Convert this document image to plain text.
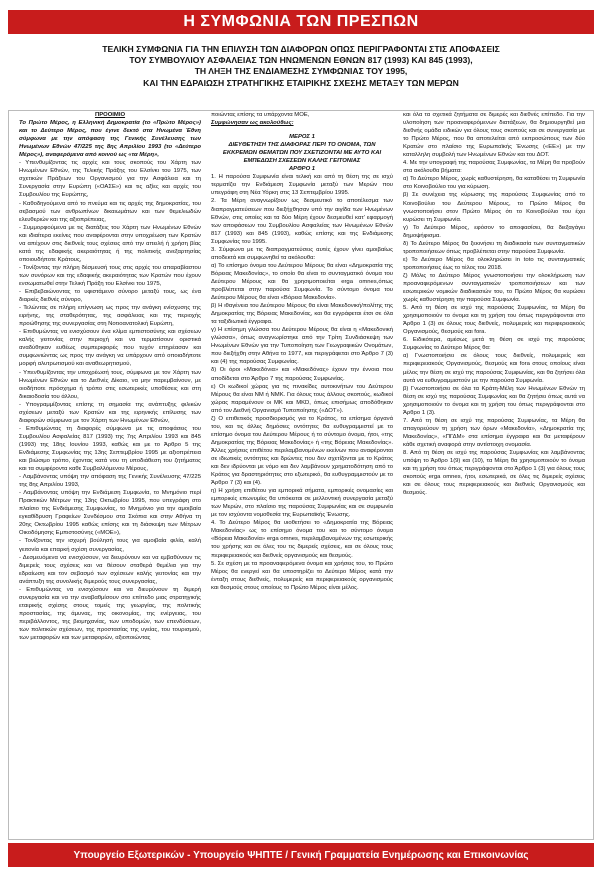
Η ΣΥΜΦΩΝΙΑ ΤΩΝ ΠΡΕΣΠΩΝ
ΤΕΛΙΚΗ ΣΥΜΦΩΝΙΑ ΓΙΑ ΤΗΝ ΕΠΙΛΥΣΗ ΤΩΝ ΔΙΑΦΟΡΩΝ ΟΠΩΣ ΠΕΡΙΓΡΑΦΟΝΤΑΙ ΣΤΙΣ ΑΠΟΦΑΣΕΙΣ
ΤΟΥ ΣΥΜΒΟΥΛΙΟΥ ΑΣΦΑΛΕΙΑΣ ΤΩΝ ΗΝΩΜΕΝΩΝ ΕΘΝΩΝ 817 (1993) ΚΑΙ 845 (1993),
ΤΗ ΛΗΞΗ ΤΗΣ ΕΝΔΙΑΜΕΣΗΣ ΣΥΜΦΩΝΙΑΣ ΤΟΥ 1995,
ΚΑΙ ΤΗΝ ΕΔΡΑΙΩΣΗ ΣΤΡΑΤΗΓΙΚΗΣ ΕΤΑΙΡΙΚΗΣ ΣΧΕΣΗΣ ΜΕΤΑΞΥ ΤΩΝ ΜΕΡΩΝ

ΠΡΟΟΙΜΙΟ

Το Πρώτο Μέρος, η Ελληνική Δημοκρατία (το «Πρώτο Μέρος») και το Δεύτερο Μέρος, που έγινε δεκτό στα Ηνωμένα Έθνη σύμφωνα με την απόφαση της Γενικής Συνέλευσης των Ηνωμένων Εθνών 47/225 της 8ης Απριλίου 1993 (το «Δεύτερο Μέρος»), αναφερόμενα από κοινού ως «τα Μέρη»,

- Υπενθυμίζοντας τις αρχές και τους σκοπούς του Χάρτη των Ηνωμένων Εθνών, της Τελικής Πράξης του Ελσίνκι του 1975, των σχετικών Πράξεων του Οργανισμού για την Ασφάλεια και τη Συνεργασία στην Ευρώπη («ΟΑΣΕ») και τις αξίες και αρχές του Συμβουλίου της Ευρώπης,

- Καθοδηγούμενα από το πνεύμα και τις αρχές της δημοκρατίας, του σεβασμού των ανθρωπίνων δικαιωμάτων και των θεμελιωδών ελευθεριών και της αξιοπρέπειας,

- Συμμορφούμενα με τις διατάξεις του Χάρτη των Ηνωμένων Εθνών και ιδιαίτερα εκείνες που αναφέρονται στην υποχρέωση των Κρατών να απέχουν στις διεθνείς τους σχέσεις από την απειλή ή χρήση βίας κατά της εδαφικής ακεραιότητας ή της πολιτικής ανεξαρτησίας οποιουδήποτε Κράτους,

- Τονίζοντας την πλήρη δέσμευσή τους στις αρχές του απαραβίαστου των συνόρων και της εδαφικής ακεραιότητας των Κρατών που έχουν ενσωματωθεί στην Τελική Πράξη του Ελσίνκι του 1975,

- Επιβεβαιώνοντας το υφιστάμενο σύνορο μεταξύ τους, ως ένα διαρκές διεθνές σύνορο,

- Τελώντας σε πλήρη επίγνωση ως προς την ανάγκη ενίσχυσης της ειρήνης, της σταθερότητας, της ασφάλειας και της περιοχής προώθησης της συνεργασίας στη Νοτιοανατολική Ευρώπη,

- Επιθυμώντας να ενισχύσουν ένα κλίμα εμπιστοσύνης και σχέσεων καλής γειτονίας στην περιοχή και να τερματίσουν οριστικά αναδύθηκαν ευθέως συμπεριφορές που τυχόν επηρέασαν και συμφωνιώντας ως προς την ανάγκη να υπάρχουν από οποιαδήποτε μορφή αλυτρωτισμού και αναθεωρητισμού,

- Υπενθυμίζοντας την υποχρέωσή τους, σύμφωνα με τον Χάρτη των Ηνωμένων Εθνών και το Διεθνές Δίκαιο, να μην παρεμβαίνουν, με οιοδήποτε πρόσχημα ή τρόπο στις εσωτερικές υποθέσεις και στη δικαιοδοσία του άλλου,

- Υπογραμμίζοντας επίσης τη σημασία της ανάπτυξης φιλικών σχέσεων μεταξύ των Κρατών και της ειρηνικής επίλυσης των διαφορών σύμφωνα με τον Χάρτη των Ηνωμένων Εθνών,

- Επιθυμώντας τη διαφορές σύμφωνα με τις αποφάσεις του Συμβουλίου Ασφαλείας 817 (1993) της 7ης Απριλίου 1993 και 845 (1993) της 18ης Ιουνίου 1993, καθώς και με το Άρθρο 5 της Ενδιάμεσης Συμφωνίας της 13ης Σεπτεμβρίου 1995 με αξιοπρέπεια και βιώσιμο τρόπο, έχοντας κατά νου τη υποδιάθεση του ζητήματος και τα συμφέροντα καθε Συμβαλλόμενου Μέρους,

- Λαμβάνοντας υπόψη την απόφαση της Γενικής Συνέλευσης 47/225 της 8ης Απριλίου 1993,

- Λαμβάνοντας υπόψη την Ενδιάμεση Συμφωνία, το Μνημόνιο περί Πρακτικών Μέτρων της 13ης Οκτωβρίου 1995, που υπεγράφη στο πλαίσιο της Ενδιάμεσης Συμφωνίας, το Μνημόνιο για την αμοιβαία εγκαθίδρυση Γραφείων Συνδέσμου στα Σκόπια και στην Αθήνα τη 20ης Οκτωβρίου 1995 καθώς επίσης και τη διάσκεψη των Μέτρων Οικοδόμησης Εμπιστοσύνης («ΜΟΕ»),

- Τονίζοντας την ισχυρή βούλησή τους για αμοιβαία φιλία, καλή γειτονία και επαρκή σχέση συνεργασίας,

- Δεσμευόμενα να ενισχύσουν, να διευρύνουν και να εμβαθύνουν τις διμερείς τους σχέσεις και να θέσουν σταθερά θεμέλια για την εδραίωση και τον σεβασμό των σχέσεων καλής γειτονίας και την ανάπτυξη της συνολικής διμερούς τους συνεργασίας,

- Επιθυμώντας να ενισχύσουν και να διευρύνουν τη διμερή συνεργασία και να την αναβαθμίσουν στο επίπεδο μιας στρατηγικής εταιρικής σχέσης στους τομείς της γεωργίας, της πολιτικής προστασίας, της άμυνας, της οικονομίας, της ενέργειας, του περιβάλλοντος, της βιομηχανίας, των υποδομών, των επενδύσεων, των πολιτικών σχέσεων, της προστασίας της υγείας, του τουρισμού, των μεταφορών και των μεταφορών, αξιοποιώντας

ποιώντας επίσης τα υπάρχοντα ΜΟΕ,

Συμφώνησαν ως ακολούθως:

ΜΕΡΟΣ 1

ΔΙΕΥΘΕΤΗΣΗ ΤΗΣ ΔΙΑΦΟΡΑΣ ΠΕΡΙ ΤΟ ΟΝΟΜΑ, ΤΩΝ ΕΚΚΡΕΜΩΝ ΘΕΜΑΤΩΝ ΠΟΥ ΣΧΕΤΙΖΟΝΤΑΙ ΜΕ ΑΥΤΟ ΚΑΙ ΕΜΠΕΔΩΣΗ ΣΧΕΣΕΩΝ ΚΑΛΗΣ ΓΕΙΤΟΝΙΑΣ

ΑΡΘΡΟ 1

1. Η παρούσα Συμφωνία είναι τελική και από τη θέση της σε ισχύ τερματίζει την Ενδιάμεση Συμφωνία μεταξύ των Μερών που υπεγράφη στη Νέα Υόρκη στις 13 Σεπτεμβρίου 1995.

2. Τα Μέρη αναγνωρίζουν ως δεσμευτικό το αποτέλεσμα των διαπραγματεύσεων που διεξήχθησαν υπό την αιγίδα των Ηνωμένων Εθνών, στις οποίες και τα δύο Μέρη έχουν δεσμευθεί κατ’ εφαρμογή των αποφάσεων του Συμβουλίου Ασφαλείας των Ηνωμένων Εθνών 817 (1993) και 845 (1993), καθώς επίσης και της Ενδιάμεσης Συμφωνίας του 1995.

3. Σύμφωνα με τις διαπραγματεύσεις αυτές έχουν γίνει αμοιβαίως αποδεκτά και συμφωνηθεί τα ακόλουθα:

α) Το επίσημο όνομα του Δεύτερου Μέρους θα είναι «Δημοκρατία της Βόρειας Μακεδονίας», το οποίο θα είναι το συνταγματικό όνομα του Δεύτερου Μέρους και θα χρησιμοποιείται erga omnes,όπως προβλέπεται στην παρούσα Συμφωνία. Το σύντομο όνομα του Δεύτερου Μέρους θα είναι «Βόρεια Μακεδονία».

β) Η ιθαγένεια του Δεύτερου Μέρους θα είναι Μακεδονική/πολίτης της Δημοκρατίας της Βόρειας Μακεδονίας, και θα εγγράφεται έτσι σε όλα τα ταξιδιωτικά έγγραφα.

γ) Η επίσημη γλώσσα του Δεύτερου Μέρους θα είναι η «Μακεδονική γλώσσα», όπως αναγνωρίστηκε από την Τρίτη Συνδιάσκεψη των Ηνωμένων Εθνών για την Τυποποίηση των Γεωγραφικών Ονομάτων, που διεξήχθη στην Αθήνα το 1977, και περιγράφεται στο Άρθρο 7 (3) και (4) της παρούσας Συμφωνίας.

δ) Οι όροι «Μακεδόνια» και «Μακεδόνας» έχουν την έννοια που αποδίδεται στο Άρθρο 7 της παρούσας Συμφωνίας.

ε) Οι κωδικοί χώρας για τις πινακίδες αυτοκινήτων του Δεύτερου Μέρους θα είναι NM ή NMK. Για όλους τους άλλους σκοπούς, κωδικοί χώρας παραμένουν οι MK και MKD, όπως επισήμως αποδόθηκαν από τον Διεθνή Οργανισμό Τυποποίησης («ΔΟΤ»).

ζ) Ο επιθετικός προσδιορισμός για το Κράτος, τα επίσημα όργανά του, και τις άλλες δημόσιες οντότητες θα ευθυγραμμιστεί με το επίσημο όνομα του Δεύτερου Μέρους ή το σύντομο όνομα, ήτοι, «της Δημοκρατίας της Βόρειας Μακεδονίας» ή «της Βόρειας Μακεδονίας». Άλλες χρήσεις επιθέτου περιλαμβανομένων εκείνων που αναφέρονται σε ιδιωτικές οντότητες και δρώντες που δεν σχετίζονται με το Κράτος και δεν ιδρύονται με νόμο και δεν λαμβάνουν χρηματοδότηση από το Κράτος για δραστηριότητες στο εξωτερικό, θα ευθυγραμμιστούν με το Άρθρο 7 (3) και (4).

η) Η χρήση επιθέτου για εμπορικά σήματα, εμπορικές ονομασίες και εμπορικές επωνυμίες θα υπόκειται σε μελλοντική συνεργασία μεταξύ των Μερών, στο πλαίσιο της παρούσας Συμφωνίας και σε συμφωνία με τον ισχύοντα νομοθεσία της Ευρωπαϊκής Ένωσης.

4. Το Δεύτερο Μέρος θα υιοθετήσει το «Δημοκρατία της Βόρειας Μακεδονίας» ως το επίσημο όνομα του και το σύντομο όνομα «Βόρεια Μακεδονία» erga omnes, περιλαμβανομένων της εσωτερικής του χρήσης και σε όλες του τις διμερείς σχέσεις, και σε όλους τους περιφερειακούς και διεθνείς οργανισμούς και θεσμούς.

5. Σε σχέση με τα προαναφερόμενα όνομα και χρήσεις του, το Πρώτο Μέρος θα ενεργεί και θα υποστηρίζει το Δεύτερο Μέρος κατά την ένταξη στους διεθνείς, πολυμερείς και περιφερειακούς οργανισμούς και θεσμούς στους οποίους το Πρώτο Μέρος είναι μέλος.

και όλα τα σχετικά ζητήματα σε διμερές και διεθνές επίπεδο. Για την υλοποίηση των προαναφερόμενων διατάξεων, θα δημιουργηθεί μια διεθνής ομάδα ειδικών για όλους τους σκοπούς και σε συνεργασία με το Πρώτο Μέρος, που θα αποτελείται από εκπροσώπους των δύο Κρατών στο πλαίσιο της Ευρωπαϊκής Ένωσης («ΕΕ») με την καταλληλη συμβολή των Ηνωμένων Εθνών και του ΔΟΤ.

4. Με την υπογραφή της παρούσας Συμφωνίας, τα Μέρη θα προβούν στα ακόλουθα βήματα:

α) Το Δεύτερο Μέρος, χωρίς καθυστέρηση, θα καταθέσει τη Συμφωνία στο Κοινοβούλιο του για κύρωση.

β) Σε συνέχεια της κύρωσης της παρούσας Συμφωνίας από το Κοινοβούλιο του Δεύτερου Μέρους, το Πρώτο Μέρος θα γνωστοποιήσει στον Πρώτο Μέρος ότι το Κοινοβούλιο του έχει κυρώσει τη Συμφωνία.

γ) Το Δεύτερο Μέρος, εφόσον το αποφασίσει, θα διεξαγάγει δημοψήφισμα.

δ) Το Δεύτερο Μέρος θα ξεκινήσει τη διαδικασία των συνταγματικών τροποποιήσεων όπως προβλέπεται στην παρούσα Συμφωνία.

ε) Το Δεύτερο Μέρος θα ολοκληρώσει in toto τις συνταγματικές τροποποιήσεις έως το τέλος του 2018.

ζ) Μόλις το Δεύτερο Μέρος γνωστοποιήσει την ολοκλήρωση των προαναφερόμενων συνταγματικών τροποποιήσεων και των εσωτερικών νομικών διαδικασιών του, το Πρώτο Μέρος θα κυρώσει χωρίς καθυστέρηση την παρούσα Συμφωνία.

5. Από τη θέση σε ισχύ της παρούσας Συμφωνίας, τα Μέρη θα χρησιμοποιούν το όνομα και τη χρήση του όπως περιγράφονται στο Άρθρο 1 (3) σε όλους τους διεθνείς, πολυμερείς και περιφερειακούς Οργανισμούς, θεσμούς και fora.

6. Ειδικότερα, αμέσως μετά τη θέση σε ισχύ της παρούσας Συμφωνίας το Δεύτερο Μέρος θα:

α) Γνωστοποιήσει σε όλους τους διεθνείς, πολυμερείς και περιφερειακούς Οργανισμούς, θεσμούς και fora στους οποίους είναι μέλος την θέση σε ισχύ της παρούσας Συμφωνίας, και θα ζητήσει όλα αυτά να ευθυγραμμιστούν με την παρούσα Συμφωνία.

β) Γνωστοποιήσει σε όλα τα Κράτη-Μέλη των Ηνωμένων Εθνών τη θέση σε ισχύ της παρούσας Συμφωνίας και θα ζητήσει όπως αυτά να χρησιμοποιούν το όνομα και τη χρήση του όπως περιγράφονται στο Άρθρο 1 (3).

7. Από τη θέση σε ισχύ της παρούσας Συμφωνίας, τα Μέρη θα απαγορεύουν τη χρήση των όρων «Μακεδονία», «Δημοκρατία της Μακεδονίας», «ΠΓΔΜ» στα επίσημα έγγραφα και θα μεταφέρουν κάθε σχετική αναφορά στην αντίστοιχη ονομασία.

8. Από τη θέση σε ισχύ της παρούσας Συμφωνίας και λαμβάνοντας υπόψη το Άρθρο 1(9) και (10), τα Μέρη θα χρησιμοποιούν το όνομα και τη χρήση του όπως περιγράφονται στο Άρθρο 1 (3) για όλους τους σκοπούς erga omnes, ήτοι, εσωτερικά, σε όλες τις διμερείς σχέσεις και σε όλους τους περιφερειακούς και διεθνείς Οργανισμούς και θεσμούς.

Υπουργείο Εξωτερικών - Υπουργείο ΨΗΠΤΕ / Γενική Γραμματεία Ενημέρωσης και Επικοινωνίας
